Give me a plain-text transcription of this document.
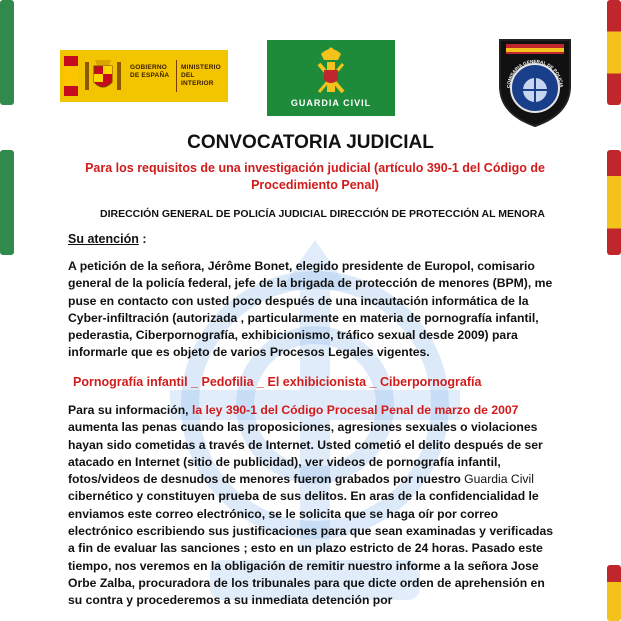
GOBIERNO
DE ESPAÑA
MINISTERIO
DEL INTERIOR
GUARDIA CIVIL
COMISARIA GENERAL DE POLICIA
CONVOCATORIA JUDICIAL

Para los requisitos de una investigación judicial (artículo 390-1 del Código de Procedimiento Penal)

DIRECCIÓN GENERAL DE POLICÍA JUDICIAL DIRECCIÓN DE PROTECCIÓN AL MENORA

Su atención :

A petición de la señora, Jérôme Bonet, elegido presidente de Europol, comisario general de la policía federal, jefe de la brigada de protección de menores (BPM), me puse en contacto con usted poco después de una incautación informática de la Cyber-infiltración (autorizada , particularmente en materia de pornografía infantil, pederastia, Ciberpornografía, exhibicionismo, tráfico sexual desde 2009) para informarle que es objeto de varios Procesos Legales vigentes.

Pornografía infantil _ Pedofilia _ El exhibicionista _ Ciberpornografía

Para su información, la ley 390-1 del Código Procesal Penal de marzo de 2007 aumenta las penas cuando las proposiciones, agresiones sexuales o violaciones hayan sido cometidas a través de Internet. Usted cometió el delito después de ser atacado en Internet (sitio de publicidad), ver videos de pornografía infantil, fotos/videos de desnudos de menores fueron grabados por nuestro Guardia Civil cibernético y constituyen prueba de sus delitos. En aras de la confidencialidad le enviamos este correo electrónico, se le solicita que se haga oír por correo electrónico escribiendo sus justificaciones para que sean examinadas y verificadas a fin de evaluar las sanciones ; esto en un plazo estricto de 24 horas. Pasado este tiempo, nos veremos en la obligación de remitir nuestro informe a la señora Jose Orbe Zalba, procuradora de los tribunales para que dicte orden de aprehensión en su contra y procederemos a su inmediata detención por
